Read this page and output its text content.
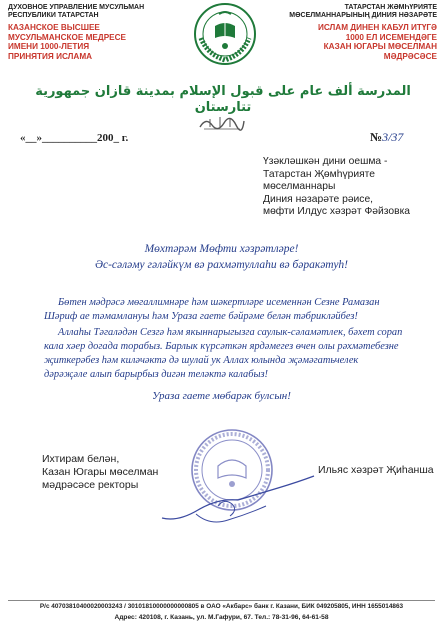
ДУХОВНОЕ УПРАВЛЕНИЕ МУСУЛЬМАН
РЕСПУБЛИКИ ТАТАРСТАН
КАЗАНСКОЕ ВЫСШЕЕ
МУСУЛЬМАНСКОЕ МЕДРЕСЕ
ИМЕНИ 1000-ЛЕТИЯ
ПРИНЯТИЯ ИСЛАМА
ТАТАРСТАН ЖӘМҺҮРИЯТЕ
МӨСЕЛМАННАРЫНЫҢ ДИНИЯ НӘЗАРӘТЕ
ИСЛАМ ДИНЕН КАБУЛ ИТҮГӘ
1000 ЕЛ ИСЕМЕНДӘГЕ
КАЗАН ЮГАРЫ МӨСЕЛМАН
МӘДРӘСӘСЕ
المدرسة ألف عام على قبول الإسلام بمدينة قازان جمهورية تتارستان
«__»__________200_ г.	№3/37
Үзәкләшкән дини оешма -
Татарстан Җөмһүрияте
мөселманнары
Диния нәзарәте рәисе,
мөфти Илдус хәзрәт Фәйзовка
Мөхтәрәм Мөфти хәзрәтләре!
Әс-сәләму гәләйкүм вә рахмәтуллаһи вә бәракәтуһ!
Бөтен мәдрәсә мөгаллимнәре һәм шәкертләре исеменнән Сезне Рамазан Шәриф ае тәмамлануы һәм Ураза гаете бәйрәме белән тәбрикләйбез!
Аллаһы Тәгаләдән Сезгә һәм якыннарыгызга саулык-сәламәтлек, бәхет сорап кала хәер догада торабыз. Барлык күрсәткән ярдәмегез өчен олы рәхмәтебезне җиткерәбез һәм киләчәктә дә шулай ук Аллах юлында җәмәгатьчелек дәрәҗәле алып барырбыз дигән теләктә калабыз!
Ураза гаете мөбарәк булсын!
Ихтирам белән,
Казан Югары мөселман
мәдрәсәсе ректоры
Ильяс хәзрәт Җиһанша
Р/с 40703810400020003243 / 30101810000000000805 в ОАО «Акбарс» банк г. Казани, БИК 049205805, ИНН 1655014863
Адрес: 420108, г. Казань, ул. М.Гафури, 67. Тел.: 78-31-96, 64-61-58
